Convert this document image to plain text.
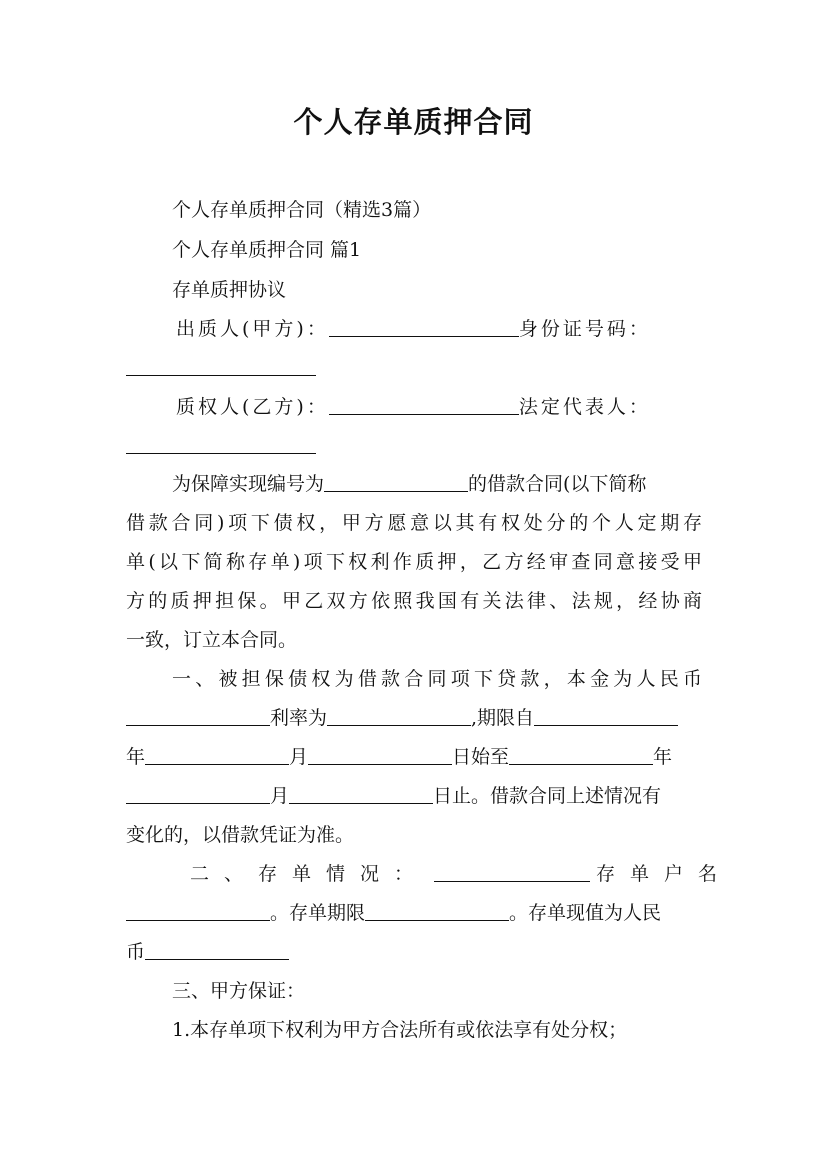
个人存单质押合同
个人存单质押合同（精选3篇）
个人存单质押合同 篇1
存单质押协议
出质人(甲方)：	身份证号码：
质权人(乙方)：	法定代表人：
为保障实现编号为	的借款合同(以下简称
借款合同)项下债权，甲方愿意以其有权处分的个人定期存
单(以下简称存单)项下权利作质押，乙方经审查同意接受甲
方的质押担保。甲乙双方依照我国有关法律、法规，经协商
一致，订立本合同。
一、被担保债权为借款合同项下贷款，本金为人民币
利率为	,期限自
年	月	日始至	年
月	日止。借款合同上述情况有
变化的，以借款凭证为准。
二、存单情况：	存单户名
。存单期限	。存单现值为人民
币
三、甲方保证：
1.本存单项下权利为甲方合法所有或依法享有处分权；
